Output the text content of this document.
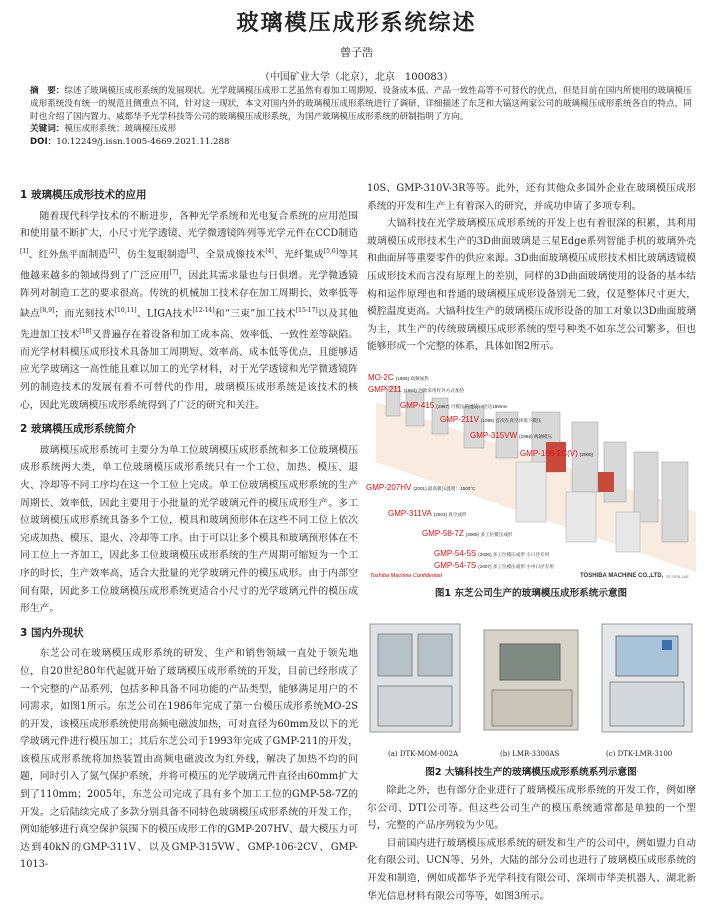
玻璃模压成形系统综述
曾子浩
（中国矿业大学（北京），北京　100083）
摘　要：综述了玻璃模压成形系统的发展现状。光学玻璃模压成形工艺虽然有着加工周期短、设备成本低、产品一致性高等不可替代的优点，但是目前在国内所使用的玻璃模压成形系统没有统一的规范且侧重点不同，针对这一现状，本文对国内外的玻璃模压成形系统进行了调研，详细描述了东芝和大镐这两家公司的玻璃模压成形系统各自的特点，同时也介绍了国内置力、威都华予光学科技等公司的玻璃模压成形系统，为国产玻璃模压成形系统的研制指明了方向。
关键词：模压成形系统；玻璃模压成形
DOI：10.12249/j.issn.1005-4669.2021.11.288
1 玻璃模压成形技术的应用

随着现代科学技术的不断进步，各种光学系统和光电复合系统的应用范围和使用量不断扩大，小尺寸光学透镜、光学微透镜阵列等光学元件在CCD制造[1]、红外焦平面制造[2]、仿生复眼制造[3]、全景成像技术[4]、光纤集成[5,6]等其他越来越多的领域得到了广泛应用[7]，因此其需求量也与日俱增。光学微透镜阵列对制造工艺的要求很高。传统的机械加工技术存在加工周期长、效率低等缺点[8,9]；而光刻技术[10,11]、LIGA技术[12-14]和“三束”加工技术[15-17]以及其他先进加工技术[18]又普遍存在着设备和加工成本高、效率低、一致性差等缺陷。而光学材料模压成形技术具备加工周期短、效率高、成本低等优点，且能够适应光学玻璃这一高性能且难以加工的光学材料，对于光学透镜和光学微透镜阵列的制造技术的发展有着不可替代的作用，玻璃模压成形系统是该技术的核心，因此光玻璃模压成形系统得到了广泛的研究和关注。

2 玻璃模压成形系统简介

玻璃模压成形系统可主要分为单工位玻璃模压成形系统和多工位玻璃模压成形系统两大类，单工位玻璃模压成形系统只有一个工位，加热、模压、退火、冷却等不同工序均在这一个工位上完成。单工位玻璃模压成形系统的生产周期长、效率低，因此主要用于小批量的光学玻璃元件的模压成形生产。多工位玻璃模压成形系统具备多个工位，模具和玻璃预形体在这些不同工位上依次完成加热、模压、退火、冷却等工序。由于可以让多个模具和玻璃预形体在不同工位上一齐加工，因此多工位玻璃模压成形系统的生产周期可缩短为一个工序的时长，生产效率高，适合大批量的光学玻璃元件的模压成形。由于内部空间有限，因此多工位玻璃模压成形系统更适合小尺寸的光学玻璃元件的模压成形生产。

3 国内外现状

东芝公司在玻璃模压成形系统的研发、生产和销售领域一直处于领先地位，自20世纪80年代起就开始了玻璃模压成形系统的开发，目前已经形成了一个完整的产品系列，包括多种具备不同功能的产品类型，能够满足用户的不同需求，如图1所示。东芝公司在1986年完成了第一台模压成形系统MO-2S的开发，该模压成形系统使用高频电磁波加热，可对直径为60mm及以下的光学玻璃元件进行模压加工；其后东芝公司于1993年完成了GMP-211的开发，该模压成形系统将加热装置由高频电磁波改为红外线，解决了加热不均的问题，同时引入了氮气保护系统，并将可模压的光学玻璃元件直径由60mm扩大到了110mm；2005年，东芝公司完成了具有多个加工工位的GMP-58-7Z的开发。之后陆续完成了多款分别具备不同特色玻璃模压成形系统的开发工作，例如能够进行真空保护氛围下的模压成形工作的GMP-207HV、最大模压力可达到40kN的GMP-311V、以及GMP-315VW、GMP-106-2CV、GMP-1013-

10S、GMP-310V-3R等等。此外，还有其他众多国外企业在玻璃模压成形系统的开发和生产上有着深入的研究，并成功申请了多项专利。

大镐科技在光学玻璃模压成形系统的开发上也有着很深的积累，其利用玻璃模压成形技术生产的3D曲面玻璃是三星Edge系列智能手机的玻璃外壳和曲面屏等重要零件的供应来源。3D曲面玻璃模压成形技术相比玻璃透镜模压成形技术而言没有原理上的差别，同样的3D曲面玻璃使用的设备的基本结构和运作原理也和普通的玻璃模压成形设备别无二致，仅是整体尺寸更大，模腔温度更高。大镐科技生产的玻璃模压成形设备的加工对象以3D曲面玻璃为主，其生产的传统玻璃模压成形系统的型号种类不如东芝公司繁多，但也能够形成一个完整的体系，具体如图2所示。

MO-2C (1986) 高频加热
GMP-211 (1993) 西欧采用红外方式加热
GMP-415 (1997) 可模压的透镜口径达150mm
GMP-211V (1998) 首次在真空环境下模压
GMP-315VW (1998) 两轴模压
GMP-106-2C(V) (2000)
GMP-207HV (2001) 最高模压温度：1500°C
GMP-311VA (2003) 真空成形
GMP-58-7Z (2005) 多工位模压成形
GMP-54-5S (2006) 多工位模压成形 小口径专用
GMP-54-7S (2007) 多工位模压成形 小中口径专用
Toshiba Machine Confidential	TOSHIBA MACHINE CO.,LTD. ST-GPA-14E
图1 东芝公司生产的玻璃模压成形系统示意图
(a) DTK-MOM-002A	(b) LMR-3300AS	(c) DTK-LMR-3100
图2 大镐科技生产的玻璃模压成形系统系列示意图

除此之外，也有部分企业进行了玻璃模压成形系统的开发工作，例如摩尔公司、DTI公司等。但这些公司生产的模压系统通常都是单独的一个型号，完整的产品序列较为少见。

目前国内进行玻璃模压成形系统的研发和生产的公司中，例如盟力自动化有限公司、UCN等、另外，大陆的部分公司也进行了玻璃模压成形系统的开发和制造，例如成都华予光学科技有限公司、深圳市华美机器人、湖北新华光信息材料有限公司等等，如图3所示。
